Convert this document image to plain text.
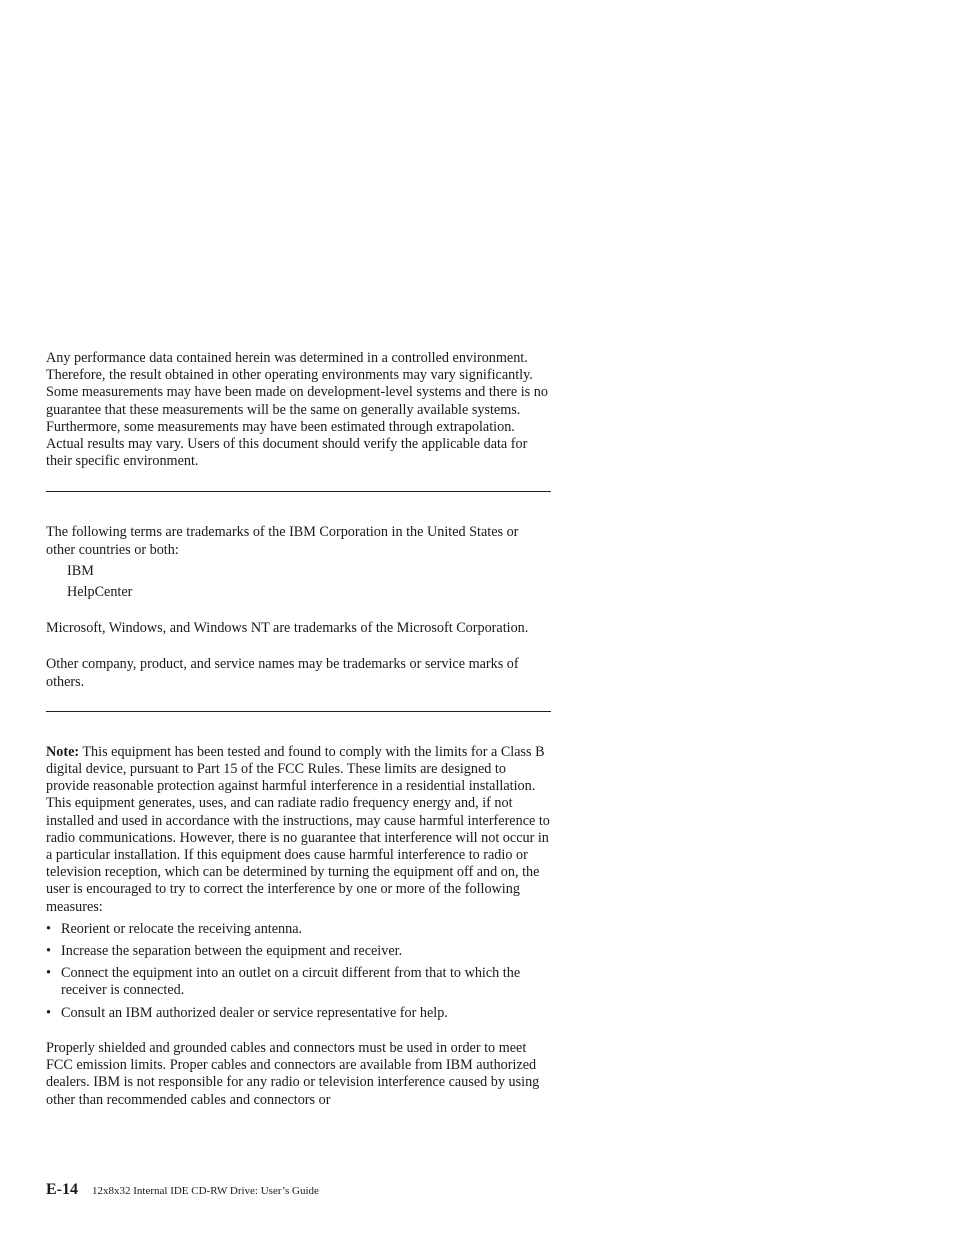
Any performance data contained herein was determined in a controlled environment. Therefore, the result obtained in other operating environments may vary significantly. Some measurements may have been made on development-level systems and there is no guarantee that these measurements will be the same on generally available systems. Furthermore, some measurements may have been estimated through extrapolation. Actual results may vary. Users of this document should verify the applicable data for their specific environment.

The following terms are trademarks of the IBM Corporation in the United States or other countries or both:

IBM
HelpCenter

Microsoft, Windows, and Windows NT are trademarks of the Microsoft Corporation.

Other company, product, and service names may be trademarks or service marks of others.

Note: This equipment has been tested and found to comply with the limits for a Class B digital device, pursuant to Part 15 of the FCC Rules. These limits are designed to provide reasonable protection against harmful interference in a residential installation. This equipment generates, uses, and can radiate radio frequency energy and, if not installed and used in accordance with the instructions, may cause harmful interference to radio communications. However, there is no guarantee that interference will not occur in a particular installation. If this equipment does cause harmful interference to radio or television reception, which can be determined by turning the equipment off and on, the user is encouraged to try to correct the interference by one or more of the following measures:

• Reorient or relocate the receiving antenna.
• Increase the separation between the equipment and receiver.
• Connect the equipment into an outlet on a circuit different from that to which the receiver is connected.
• Consult an IBM authorized dealer or service representative for help.

Properly shielded and grounded cables and connectors must be used in order to meet FCC emission limits. Proper cables and connectors are available from IBM authorized dealers. IBM is not responsible for any radio or television interference caused by using other than recommended cables and connectors or

E-14 12x8x32 Internal IDE CD-RW Drive: User’s Guide
